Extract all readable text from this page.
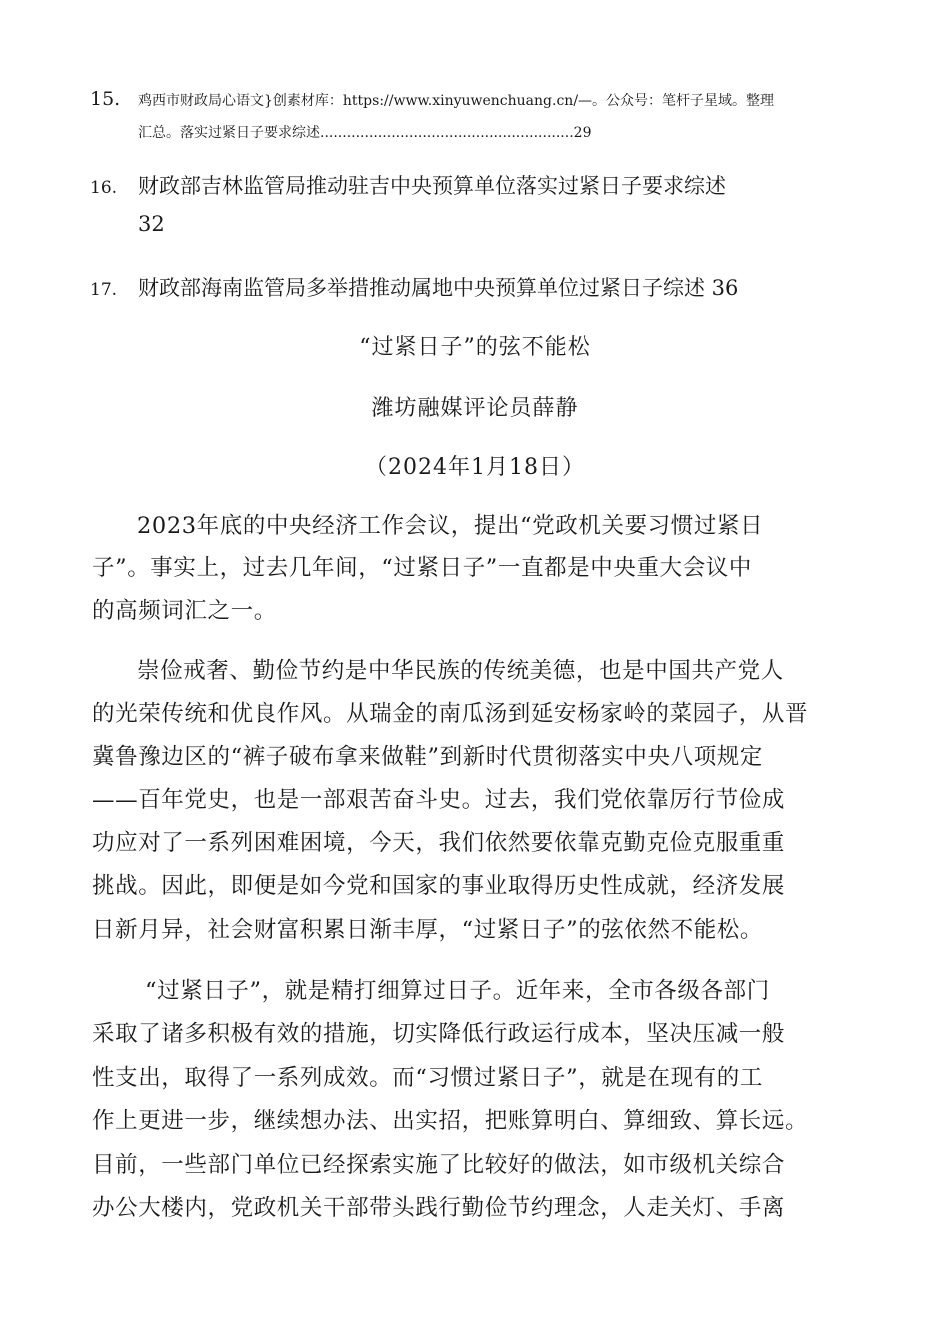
15. 鸡西市财政局心语文}创素材库：https://www.xinyuwenchuang.cn/—。公众号：笔杆子星域。整理
汇总。落实过紧日子要求综述.........................................................29
16. 财政部吉林监管局推动驻吉中央预算单位落实过紧日子要求综述
32
17. 财政部海南监管局多举措推动属地中央预算单位过紧日子综述 36
“过紧日子”的弦不能松
潍坊融媒评论员薛静
（2024年1月18日）
2023年底的中央经济工作会议，提出“党政机关要习惯过紧日
子”。事实上，过去几年间，“过紧日子”一直都是中央重大会议中
的高频词汇之一。
崇俭戒奢、勤俭节约是中华民族的传统美德，也是中国共产党人
的光荣传统和优良作风。从瑞金的南瓜汤到延安杨家岭的菜园子，从晋
冀鲁豫边区的“裤子破布拿来做鞋”到新时代贯彻落实中央八项规定
——百年党史，也是一部艰苦奋斗史。过去，我们党依靠厉行节俭成
功应对了一系列困难困境，今天，我们依然要依靠克勤克俭克服重重
挑战。因此，即便是如今党和国家的事业取得历史性成就，经济发展
日新月异，社会财富积累日渐丰厚，“过紧日子”的弦依然不能松。
“过紧日子”，就是精打细算过日子。近年来，全市各级各部门
采取了诸多积极有效的措施，切实降低行政运行成本，坚决压减一般
性支出，取得了一系列成效。而“习惯过紧日子”，就是在现有的工
作上更进一步，继续想办法、出实招，把账算明白、算细致、算长远。
目前，一些部门单位已经探索实施了比较好的做法，如市级机关综合
办公大楼内，党政机关干部带头践行勤俭节约理念，人走关灯、手离
